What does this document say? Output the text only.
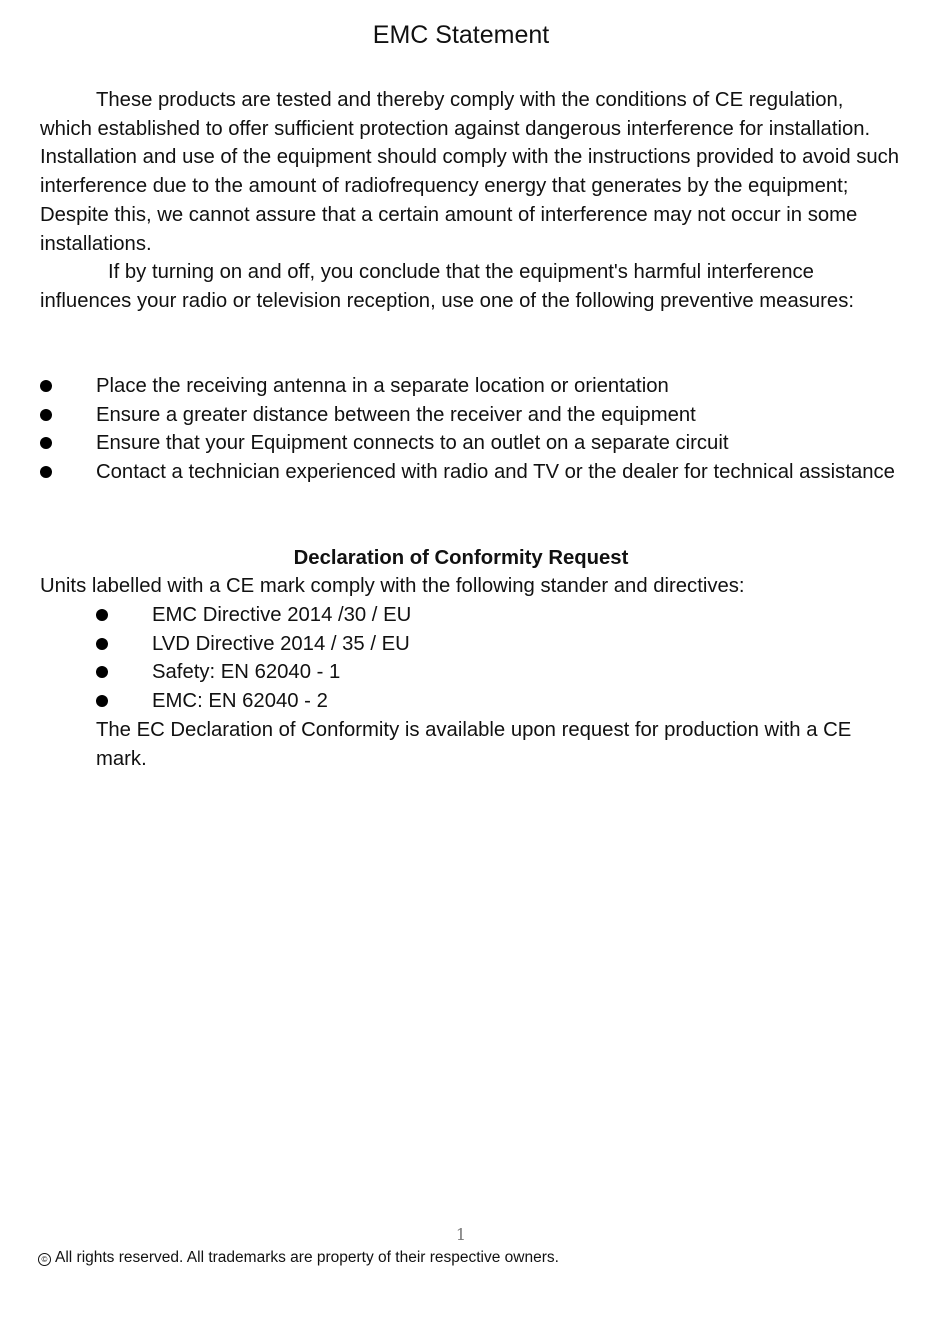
EMC Statement

These products are tested and thereby comply with the conditions of CE regulation, which established to offer sufficient protection against dangerous interference for installation. Installation and use of the equipment should comply with the instructions provided to avoid such interference due to the amount of radiofrequency energy that generates by the equipment; Despite this, we cannot assure that a certain amount of interference may not occur in some installations.

If by turning on and off, you conclude that the equipment's harmful interference influences your radio or television reception, use one of the following preventive measures:

Place the receiving antenna in a separate location or orientation
Ensure a greater distance between the receiver and the equipment
Ensure that your Equipment connects to an outlet on a separate circuit
Contact a technician experienced with radio and TV or the dealer for technical assistance
Declaration of Conformity Request

Units labelled with a CE mark comply with the following stander and directives:

EMC Directive 2014 /30 / EU
LVD Directive 2014 / 35 / EU
Safety: EN 62040 - 1
EMC: EN 62040 - 2

The EC Declaration of Conformity is available upon request for production with a CE mark.

1
© All rights reserved. All trademarks are property of their respective owners.
